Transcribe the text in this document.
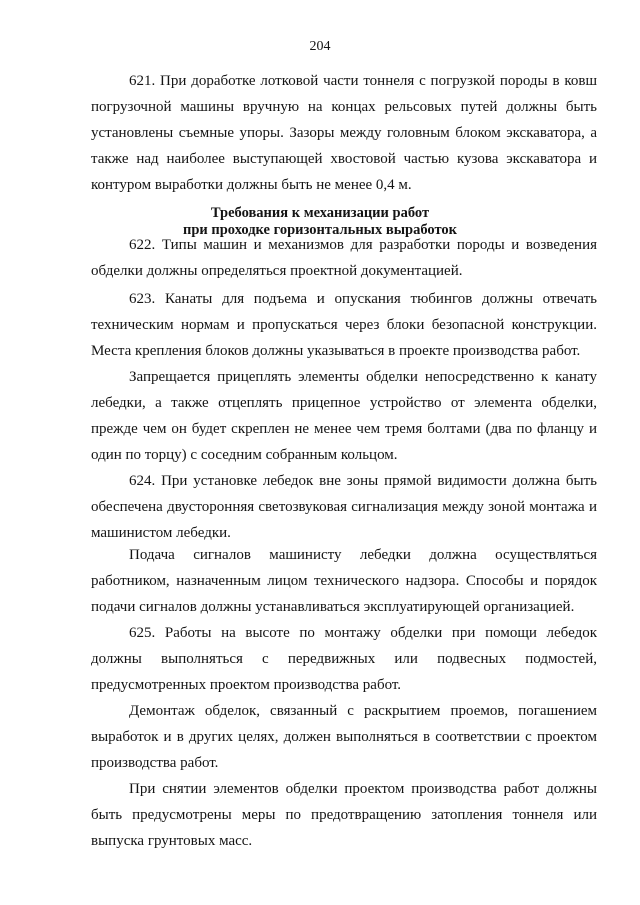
204
621. При доработке лотковой части тоннеля с погрузкой породы в ковш
погрузочной машины вручную на концах рельсовых путей должны быть
установлены съемные упоры. Зазоры между головным блоком экскаватора, а
также над наиболее выступающей хвостовой частью кузова экскаватора и
контуром выработки должны быть не менее 0,4 м.
Требования к механизации работ
при проходке горизонтальных выработок
622. Типы машин и механизмов для разработки породы и возведения
обделки должны определяться проектной документацией.
623. Канаты для подъема и опускания тюбингов должны отвечать
техническим нормам и пропускаться через блоки безопасной конструкции.
Места крепления блоков должны указываться в проекте производства работ.
Запрещается прицеплять элементы обделки непосредственно к канату
лебедки, а также отцеплять прицепное устройство от элемента обделки,
прежде чем он будет скреплен не менее чем тремя болтами (два по фланцу и
один по торцу) с соседним собранным кольцом.
624. При установке лебедок вне зоны прямой видимости должна быть
обеспечена двусторонняя светозвуковая сигнализация между зоной монтажа и
машинистом лебедки.
Подача сигналов машинисту лебедки должна осуществляться
работником, назначенным лицом технического надзора. Способы и порядок
подачи сигналов должны устанавливаться эксплуатирующей организацией.
625. Работы на высоте по монтажу обделки при помощи лебедок
должны выполняться с передвижных или подвесных подмостей,
предусмотренных проектом производства работ.
Демонтаж обделок, связанный с раскрытием проемов, погашением
выработок и в других целях, должен выполняться в соответствии с проектом
производства работ.
При снятии элементов обделки проектом производства работ должны
быть предусмотрены меры по предотвращению затопления тоннеля или
выпуска грунтовых масс.
